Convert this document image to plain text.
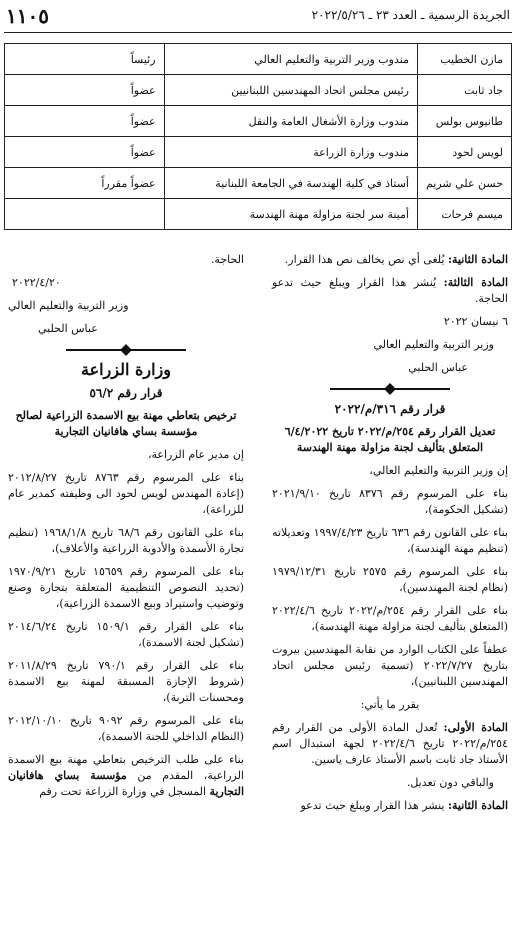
الجريدة الرسمية ـ العدد ٢٣ ـ ٢٠٢٢/٥/٢٦
١١٠٥
مازن الخطيب	مندوب وزير التربية والتعليم العالي	رئيساً
جاد ثابت	رئيس مجلس اتحاد المهندسين اللبنانيين	عضواً
طانيوس بولس	مندوب وزارة الأشغال العامة والنقل	عضواً
لويس لحود	مندوب وزارة الزراعة	عضواً
حسن علي شريم	أستاذ في كلية الهندسة في الجامعة اللبنانية	عضواً مقرراً
ميسم فرحات	أمينة سر لجنة مزاولة مهنة الهندسة	

المادة الثانية: يُلغى أي نص يخالف نص هذا القرار.

المادة الثالثة: يُنشر هذا القرار ويبلغ حيث تدعو الحاجة.

٦ نيسان ٢٠٢٢

وزير التربية والتعليم العالي

عباس الحلبي

قرار رقم ٣١٦/م/٢٠٢٢

تعديل القرار رقم ٢٥٤/م/٢٠٢٢ تاريخ ٦/٤/٢٠٢٢ المتعلق بتأليف لجنة مزاولة مهنة الهندسة

إن وزير التربية والتعليم العالي،

بناء على المرسوم رقم ٨٣٧٦ تاريخ ٢٠٢١/٩/١٠ (تشكيل الحكومة)،

بناء على القانون رقم ٦٣٦ تاريخ ١٩٩٧/٤/٢٣ وتعديلاته (تنظيم مهنة الهندسة)،

بناء على المرسوم رقم ٢٥٧٥ تاريخ ١٩٧٩/١٢/٣١ (نظام لجنة المهندسين)،

بناء على القرار رقم ٢٥٤/م/٢٠٢٢ تاريخ ٢٠٢٢/٤/٦ (المتعلق بتأليف لجنة مزاولة مهنة الهندسة)،

عطفاً على الكتاب الوارد من نقابة المهندسين بيروت بتاريخ ٢٠٢٢/٧/٢٧ (تسمية رئيس مجلس اتحاد المهندسين اللبنانيين)،

يقرر ما يأتي:

المادة الأولى: تُعدل المادة الأولى من القرار رقم ٢٥٤/م/٢٠٢٢ تاريخ ٢٠٢٢/٤/٦ لجهة استبدال اسم الأستاذ جاد ثابت باسم الأستاذ عارف ياسين.

والباقي دون تعديل.

المادة الثانية: ينشر هذا القرار ويبلغ حيث تدعو

الحاجة.

٢٠٢٢/٤/٢٠

وزير التربية والتعليم العالي

عباس الحلبي

وزارة الزراعة

قرار رقم ٥٦/٢

ترخيص بتعاطي مهنة بيع الاسمدة الزراعية لصالح مؤسسة بساي هافانيان التجارية

إن مدير عام الزراعة،

بناء على المرسوم رقم ٨٧٦٣ تاريخ ٢٠١٢/٨/٢٧ (إعادة المهندس لويس لحود الى وظيفته كمدير عام للزراعة)،

بناء على القانون رقم ٦٨/٦ تاريخ ١٩٦٨/١/٨ (تنظيم تجارة الأسمدة والأدوية الزراعية والأعلاف)،

بناء على المرسوم رقم ١٥٦٥٩ تاريخ ١٩٧٠/٩/٢١ (تحديد النصوص التنظيمية المتعلقة بتجارة وصنع وتوضيب واستيراد وبيع الاسمدة الزراعية)،

بناء على القرار رقم ١٥٠٩/١ تاريخ ٢٠١٤/٦/٢٤ (تشكيل لجنة الاسمدة)،

بناء على القرار رقم ٧٩٠/١ تاريخ ٢٠١١/٨/٢٩ (شروط الإجازة المسبقة لمهنة بيع الاسمدة ومحسنات التربة)،

بناء على المرسوم رقم ٩٠٩٢ تاريخ ٢٠١٢/١٠/١٠ (النظام الداخلي للجنة الاسمدة)،

بناء على طلب الترخيص بتعاطي مهنة بيع الاسمدة الزراعية، المقدم من مؤسسة بساي هافانيان التجارية المسجل في وزارة الزراعة تحت رقم
